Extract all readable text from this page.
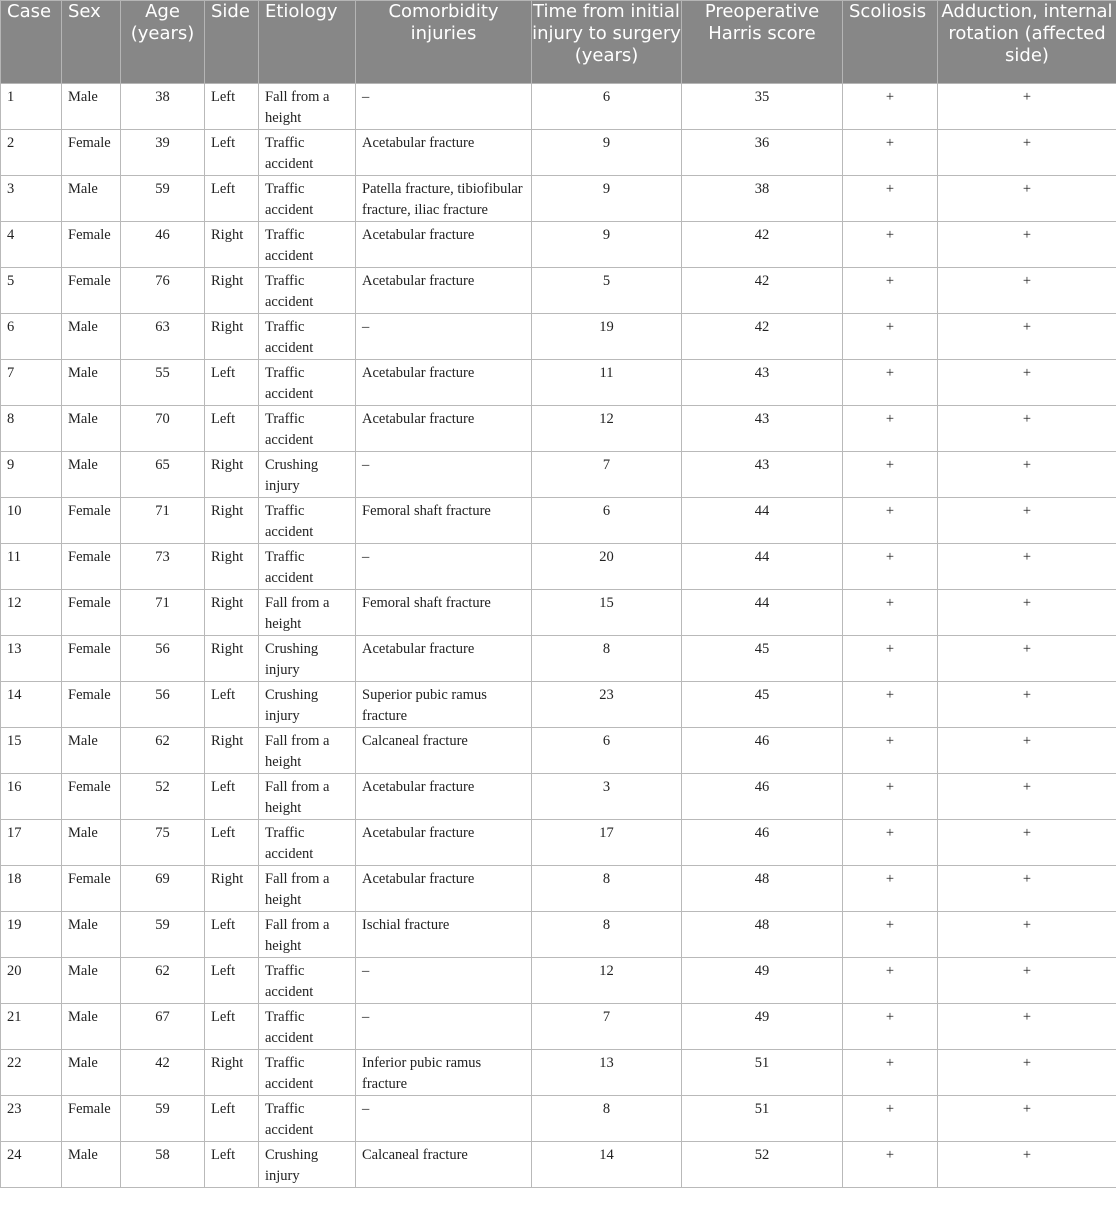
Case	Sex	Age (years)	Side	Etiology	Comorbidity injuries	Time from initial injury to surgery (years)	Preoperative Harris score	Scoliosis	Adduction, internal rotation (affected side)
1	Male	38	Left	Fall from a height	–	6	35	+	+
2	Female	39	Left	Traffic accident	Acetabular fracture	9	36	+	+
3	Male	59	Left	Traffic accident	Patella fracture, tibiofibular fracture, iliac fracture	9	38	+	+
4	Female	46	Right	Traffic accident	Acetabular fracture	9	42	+	+
5	Female	76	Right	Traffic accident	Acetabular fracture	5	42	+	+
6	Male	63	Right	Traffic accident	–	19	42	+	+
7	Male	55	Left	Traffic accident	Acetabular fracture	11	43	+	+
8	Male	70	Left	Traffic accident	Acetabular fracture	12	43	+	+
9	Male	65	Right	Crushing injury	–	7	43	+	+
10	Female	71	Right	Traffic accident	Femoral shaft fracture	6	44	+	+
11	Female	73	Right	Traffic accident	–	20	44	+	+
12	Female	71	Right	Fall from a height	Femoral shaft fracture	15	44	+	+
13	Female	56	Right	Crushing injury	Acetabular fracture	8	45	+	+
14	Female	56	Left	Crushing injury	Superior pubic ramus fracture	23	45	+	+
15	Male	62	Right	Fall from a height	Calcaneal fracture	6	46	+	+
16	Female	52	Left	Fall from a height	Acetabular fracture	3	46	+	+
17	Male	75	Left	Traffic accident	Acetabular fracture	17	46	+	+
18	Female	69	Right	Fall from a height	Acetabular fracture	8	48	+	+
19	Male	59	Left	Fall from a height	Ischial fracture	8	48	+	+
20	Male	62	Left	Traffic accident	–	12	49	+	+
21	Male	67	Left	Traffic accident	–	7	49	+	+
22	Male	42	Right	Traffic accident	Inferior pubic ramus fracture	13	51	+	+
23	Female	59	Left	Traffic accident	–	8	51	+	+
24	Male	58	Left	Crushing injury	Calcaneal fracture	14	52	+	+
